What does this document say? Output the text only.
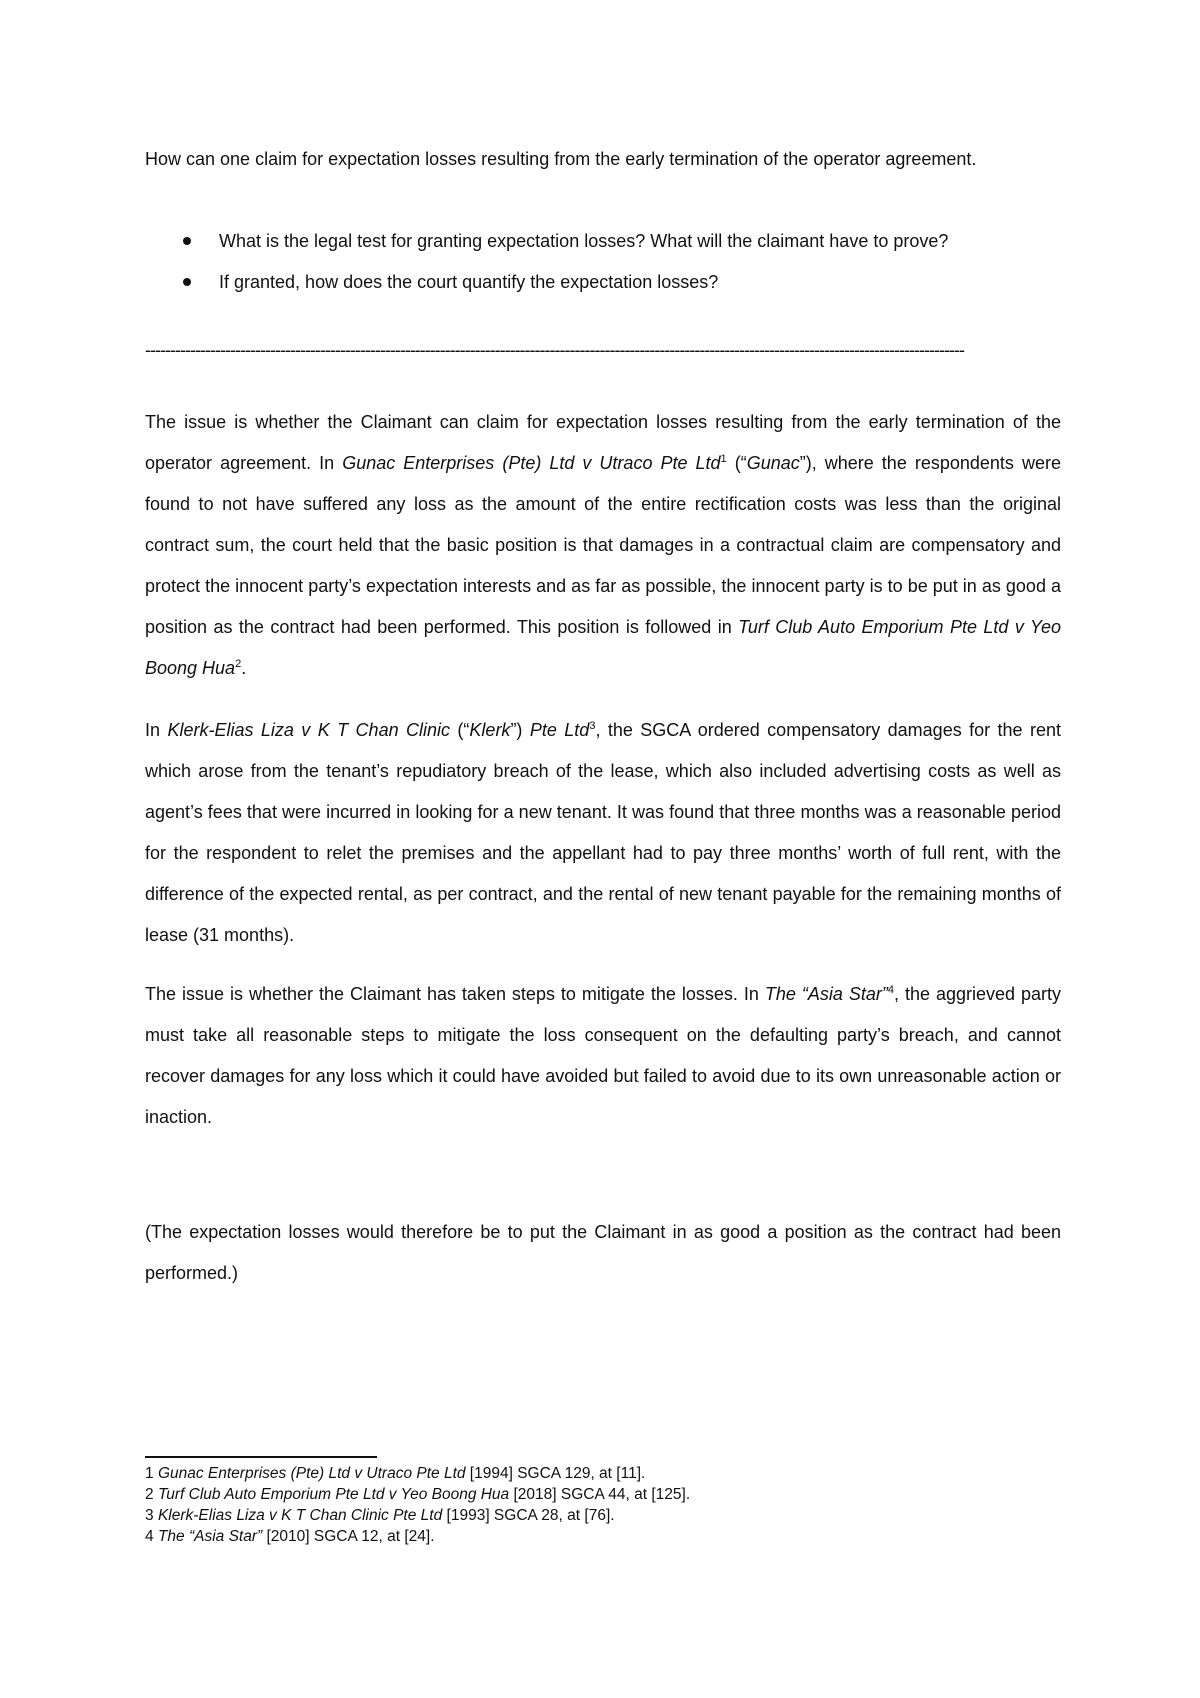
How can one claim for expectation losses resulting from the early termination of the operator agreement.

What is the legal test for granting expectation losses? What will the claimant have to prove?
If granted, how does the court quantify the expectation losses?
--------------------------------------------------------------------------------------------------------------------------------------------------------------------

The issue is whether the Claimant can claim for expectation losses resulting from the early termination of the operator agreement. In Gunac Enterprises (Pte) Ltd v Utraco Pte Ltd$^1$ (“Gunac”), where the respondents were found to not have suffered any loss as the amount of the entire rectification costs was less than the original contract sum, the court held that the basic position is that damages in a contractual claim are compensatory and protect the innocent party’s expectation interests and as far as possible, the innocent party is to be put in as good a position as the contract had been performed. This position is followed in Turf Club Auto Emporium Pte Ltd v Yeo Boong Hua$^2$.

In Klerk-Elias Liza v K T Chan Clinic (“Klerk”) Pte Ltd$^3$, the SGCA ordered compensatory damages for the rent which arose from the tenant’s repudiatory breach of the lease, which also included advertising costs as well as agent’s fees that were incurred in looking for a new tenant. It was found that three months was a reasonable period for the respondent to relet the premises and the appellant had to pay three months’ worth of full rent, with the difference of the expected rental, as per contract, and the rental of new tenant payable for the remaining months of lease (31 months).

The issue is whether the Claimant has taken steps to mitigate the losses. In The “Asia Star”$^4$, the aggrieved party must take all reasonable steps to mitigate the loss consequent on the defaulting party’s breach, and cannot recover damages for any loss which it could have avoided but failed to avoid due to its own unreasonable action or inaction.

(The expectation losses would therefore be to put the Claimant in as good a position as the contract had been performed.)

1 Gunac Enterprises (Pte) Ltd v Utraco Pte Ltd [1994] SGCA 129, at [11].
2 Turf Club Auto Emporium Pte Ltd v Yeo Boong Hua [2018] SGCA 44, at [125].
3 Klerk-Elias Liza v K T Chan Clinic Pte Ltd [1993] SGCA 28, at [76].
4 The “Asia Star” [2010] SGCA 12, at [24].
